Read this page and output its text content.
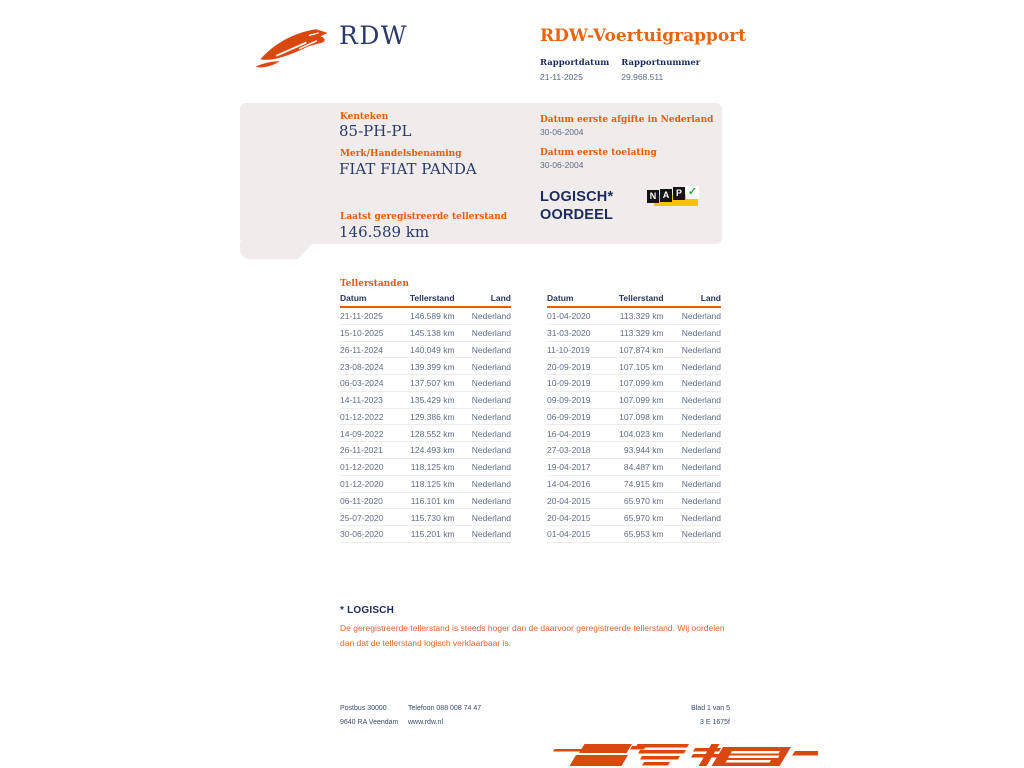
RDW	RDW-Voertuigrapport
Rapportdatum
21-11-2025
Rapportnummer
29.968.511
Kenteken
85-PH-PL
Merk/Handelsbenaming
FIAT FIAT PANDA
Laatst geregistreerde tellerstand
146.589 km
Datum eerste afgifte in Nederland
30-06-2004
Datum eerste toelating
30-06-2004
LOGISCH*
OORDEEL
N A P ✓
Tellerstanden
Datum	Tellerstand	Land
21-11-2025	146.589 km	Nederland
15-10-2025	145.138 km	Nederland
26-11-2024	140.049 km	Nederland
23-08-2024	139.399 km	Nederland
06-03-2024	137.507 km	Nederland
14-11-2023	135.429 km	Nederland
01-12-2022	129.386 km	Nederland
14-09-2022	128.552 km	Nederland
26-11-2021	124.493 km	Nederland
01-12-2020	118.125 km	Nederland
01-12-2020	118.125 km	Nederland
06-11-2020	116.101 km	Nederland
25-07-2020	115.730 km	Nederland
30-06-2020	115.201 km	Nederland
Datum	Tellerstand	Land
01-04-2020	113.329 km	Nederland
31-03-2020	113.329 km	Nederland
11-10-2019	107.874 km	Nederland
20-09-2019	107.105 km	Nederland
10-09-2019	107.099 km	Nederland
09-09-2019	107.099 km	Nederland
06-09-2019	107.098 km	Nederland
16-04-2019	104.023 km	Nederland
27-03-2018	93.944 km	Nederland
19-04-2017	84.487 km	Nederland
14-04-2016	74.915 km	Nederland
20-04-2015	65.970 km	Nederland
20-04-2015	65.970 km	Nederland
01-04-2015	65.953 km	Nederland
* LOGISCH
De geregistreerde tellerstand is steeds hoger dan de daarvoor geregistreerde tellerstand. Wij oordelen dan dat de tellerstand logisch verklaarbaar is.
Postbus 30000
9640 RA Veendam
Telefoon 088 008 74 47
www.rdw.nl
Blad 1 van 5
3 E 1675f
